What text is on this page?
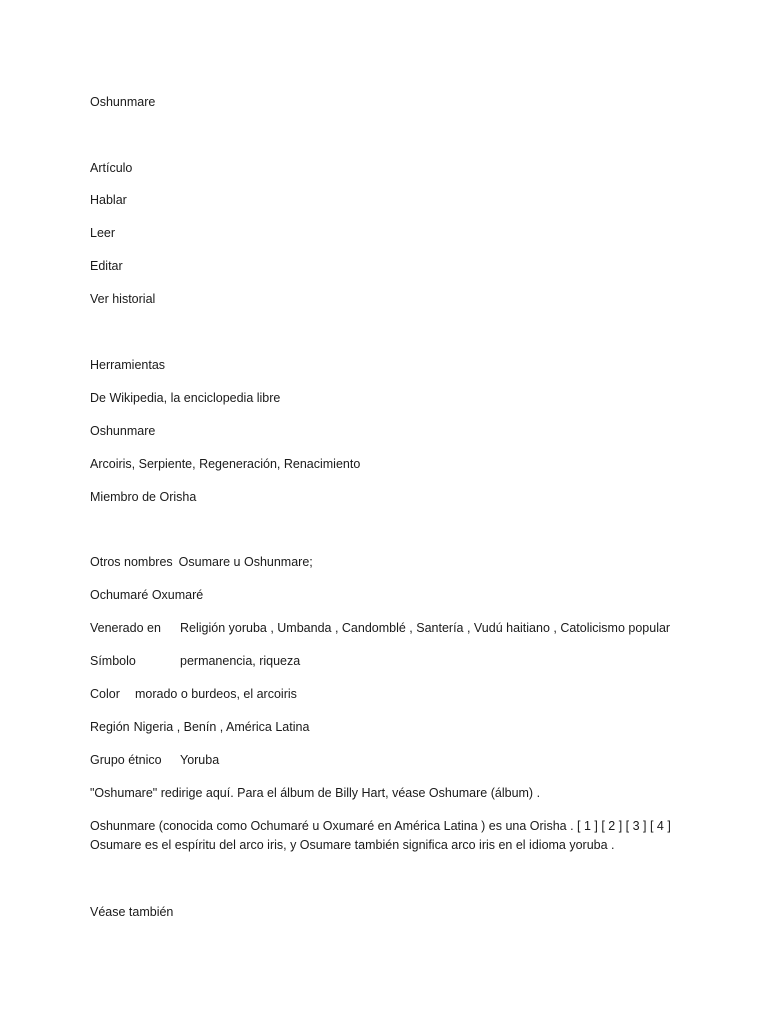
Oshunmare
Artículo
Hablar
Leer
Editar
Ver historial
Herramientas
De Wikipedia, la enciclopedia libre
Oshunmare
Arcoiris, Serpiente, Regeneración, Renacimiento
Miembro de Orisha
Otros nombres Osumare u Oshunmare;
Ochumaré Oxumaré
Venerado en Religión yoruba , Umbanda , Candomblé , Santería , Vudú haitiano , Catolicismo popular
Símbolo	permanencia, riqueza
Color morado o burdeos, el arcoiris
Región Nigeria , Benín , América Latina
Grupo étnico Yoruba
"Oshumare" redirige aquí. Para el álbum de Billy Hart, véase Oshumare (álbum) .
Oshunmare (conocida como Ochumaré u Oxumaré en América Latina ) es una Orisha . [ 1 ] [ 2 ] [ 3 ] [ 4 ]
Osumare es el espíritu del arco iris, y Osumare también significa arco iris en el idioma yoruba .
Véase también
